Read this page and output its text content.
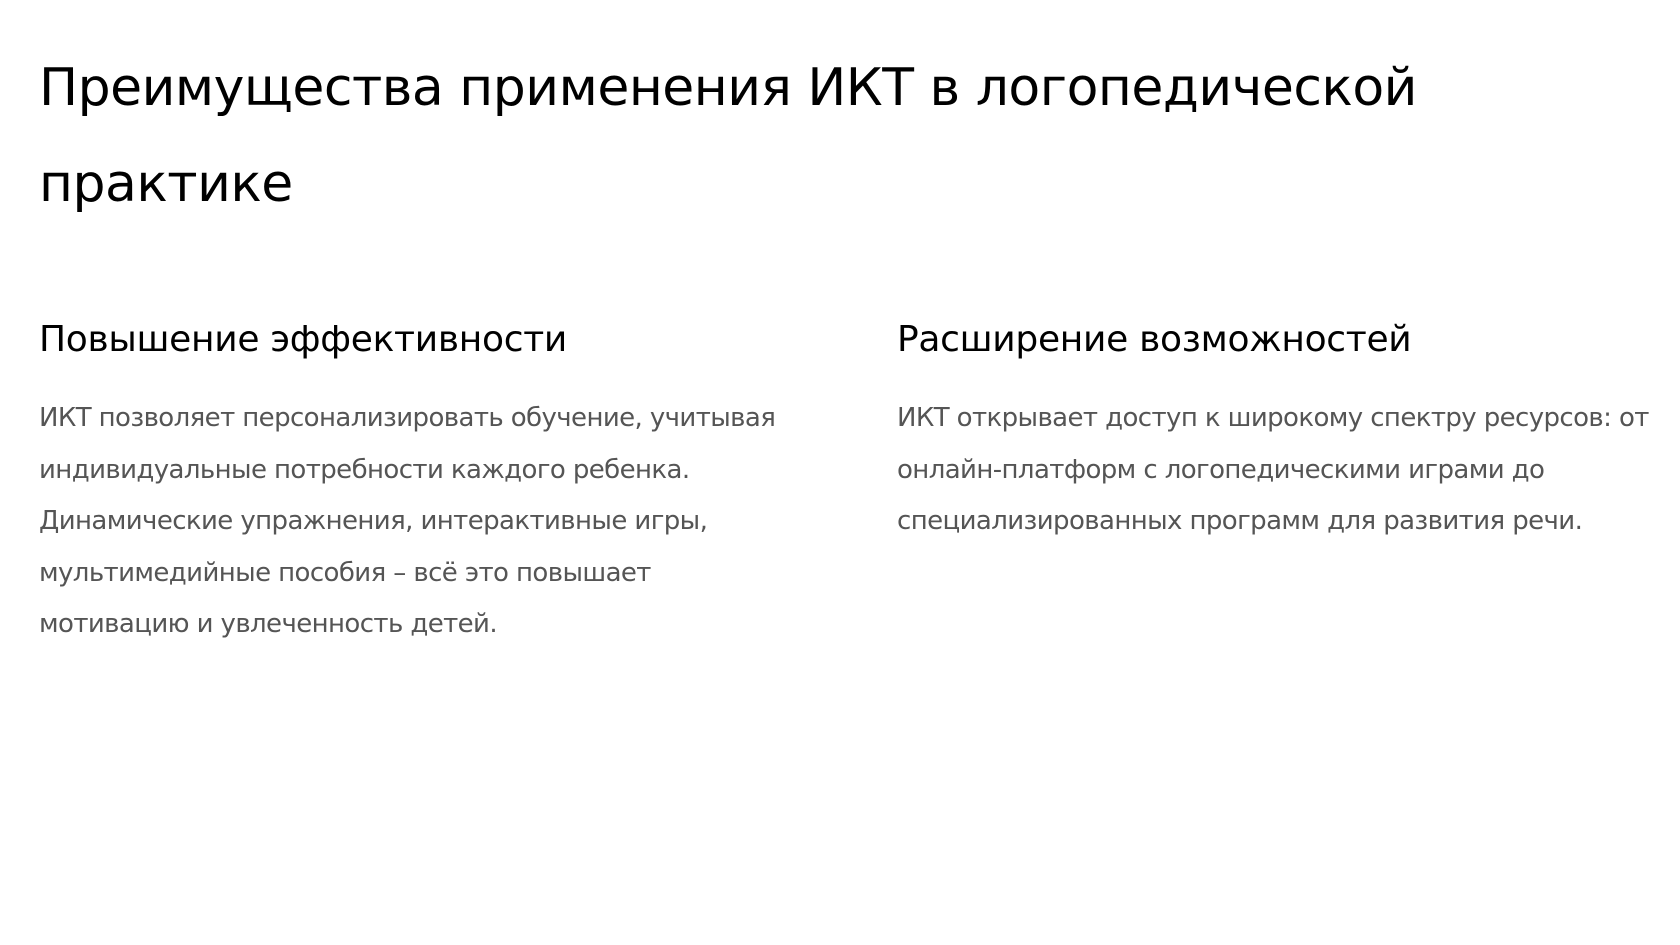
Преимущества применения ИКТ в логопедической практике
Повышение эффективности

ИКТ позволяет персонализировать обучение, учитывая индивидуальные потребности каждого ребенка. Динамические упражнения, интерактивные игры, мультимедийные пособия – всё это повышает мотивацию и увлеченность детей.

Расширение возможностей

ИКТ открывает доступ к широкому спектру ресурсов: от онлайн-платформ с логопедическими играми до специализированных программ для развития речи.
